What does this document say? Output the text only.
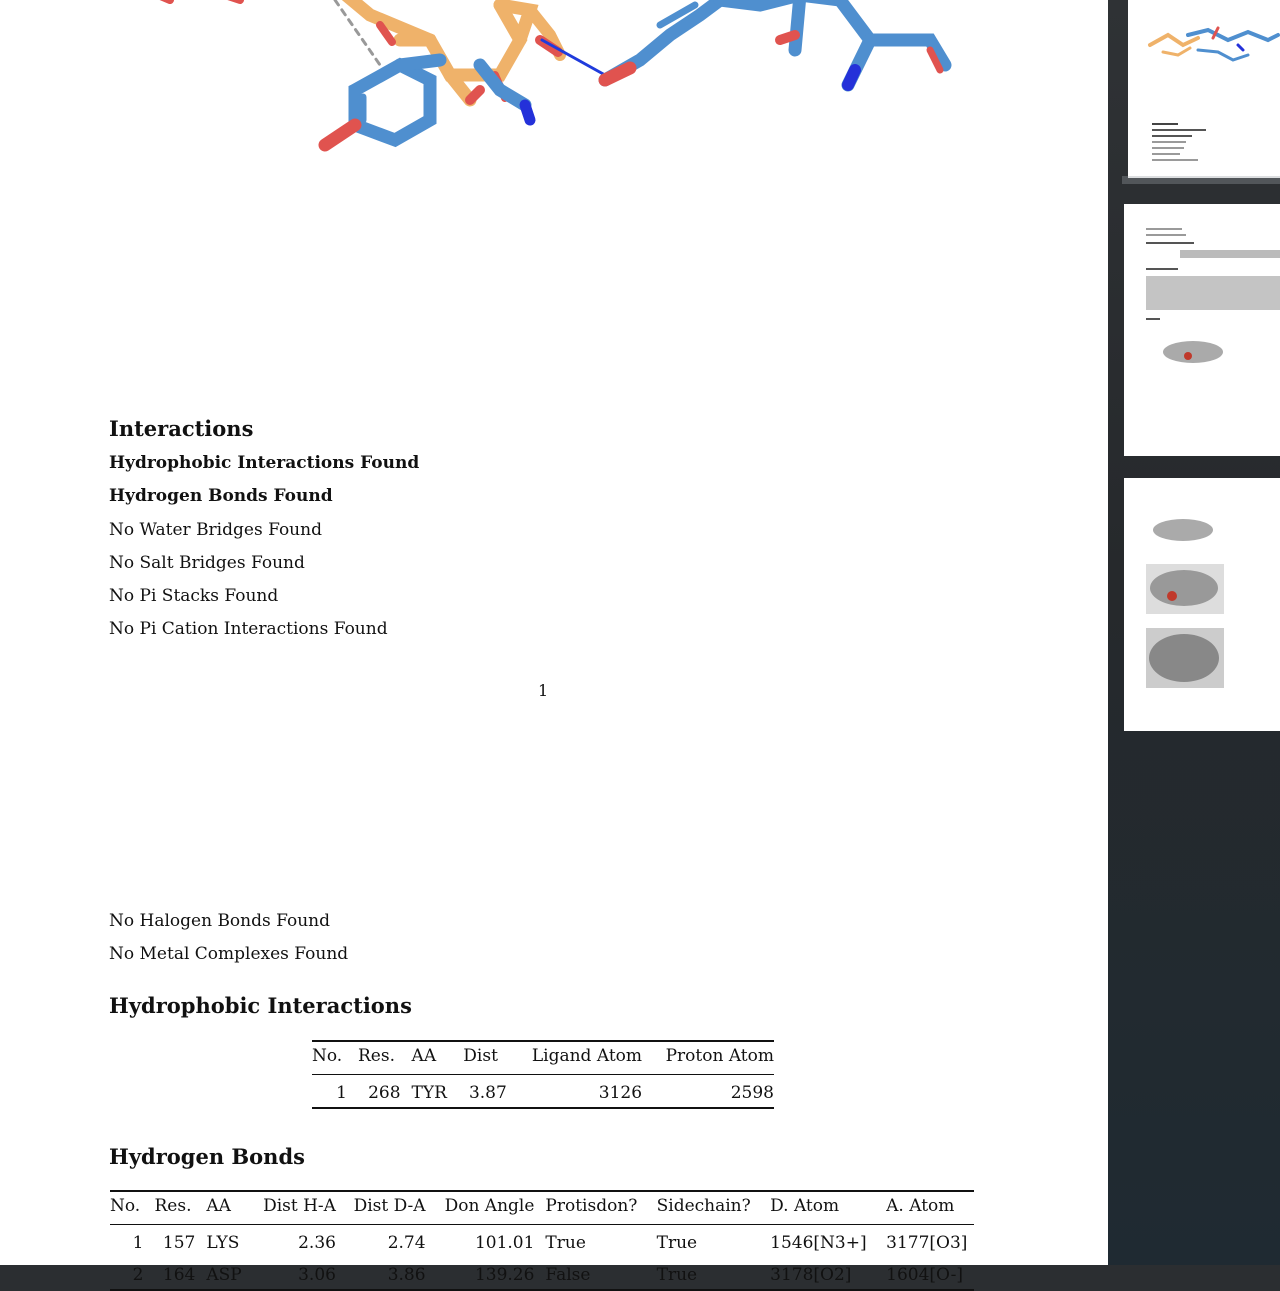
Interactions
Hydrophobic Interactions Found
Hydrogen Bonds Found
No Water Bridges Found
No Salt Bridges Found
No Pi Stacks Found
No Pi Cation Interactions Found
1
No Halogen Bonds Found
No Metal Complexes Found
Hydrophobic Interactions
No.	Res.	AA	Dist	Ligand Atom	Proton Atom
1	268	TYR	3.87	3126	2598
Hydrogen Bonds
No.	Res.	AA	Dist H-A	Dist D-A	Don Angle	Protisdon?	Sidechain?	D. Atom	A. Atom
1	157	LYS	2.36	2.74	101.01	True	True	1546[N3+]	3177[O3]
2	164	ASP	3.06	3.86	139.26	False	True	3178[O2]	1604[O-]
